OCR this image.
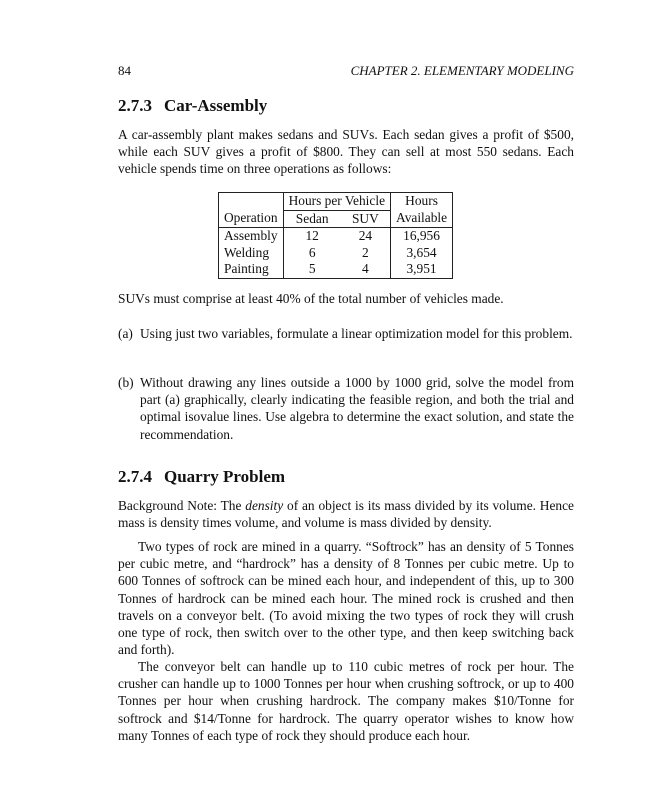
84	CHAPTER 2. ELEMENTARY MODELING
2.7.3 Car-Assembly
A car-assembly plant makes sedans and SUVs. Each sedan gives a profit of $500, while each SUV gives a profit of $800. They can sell at most 550 sedans. Each vehicle spends time on three operations as follows:
	Hours per Vehicle		Hours
Operation	Sedan	SUV	Available
Assembly	12	24	16,956
Welding	6	2	3,654
Painting	5	4	3,951
SUVs must comprise at least 40% of the total number of vehicles made.
(a) Using just two variables, formulate a linear optimization model for this problem.
(b) Without drawing any lines outside a 1000 by 1000 grid, solve the model from part (a) graphically, clearly indicating the feasible region, and both the trial and optimal isovalue lines. Use algebra to determine the exact solution, and state the recommendation.
2.7.4 Quarry Problem
Background Note: The density of an object is its mass divided by its volume. Hence mass is density times volume, and volume is mass divided by density.
Two types of rock are mined in a quarry. “Softrock” has an density of 5 Tonnes per cubic metre, and “hardrock” has a density of 8 Tonnes per cubic metre. Up to 600 Tonnes of softrock can be mined each hour, and independent of this, up to 300 Tonnes of hardrock can be mined each hour. The mined rock is crushed and then travels on a conveyor belt. (To avoid mixing the two types of rock they will crush one type of rock, then switch over to the other type, and then keep switching back and forth).
The conveyor belt can handle up to 110 cubic metres of rock per hour. The crusher can handle up to 1000 Tonnes per hour when crushing softrock, or up to 400 Tonnes per hour when crushing hardrock. The company makes $10/Tonne for softrock and $14/Tonne for hardrock. The quarry operator wishes to know how many Tonnes of each type of rock they should produce each hour.
